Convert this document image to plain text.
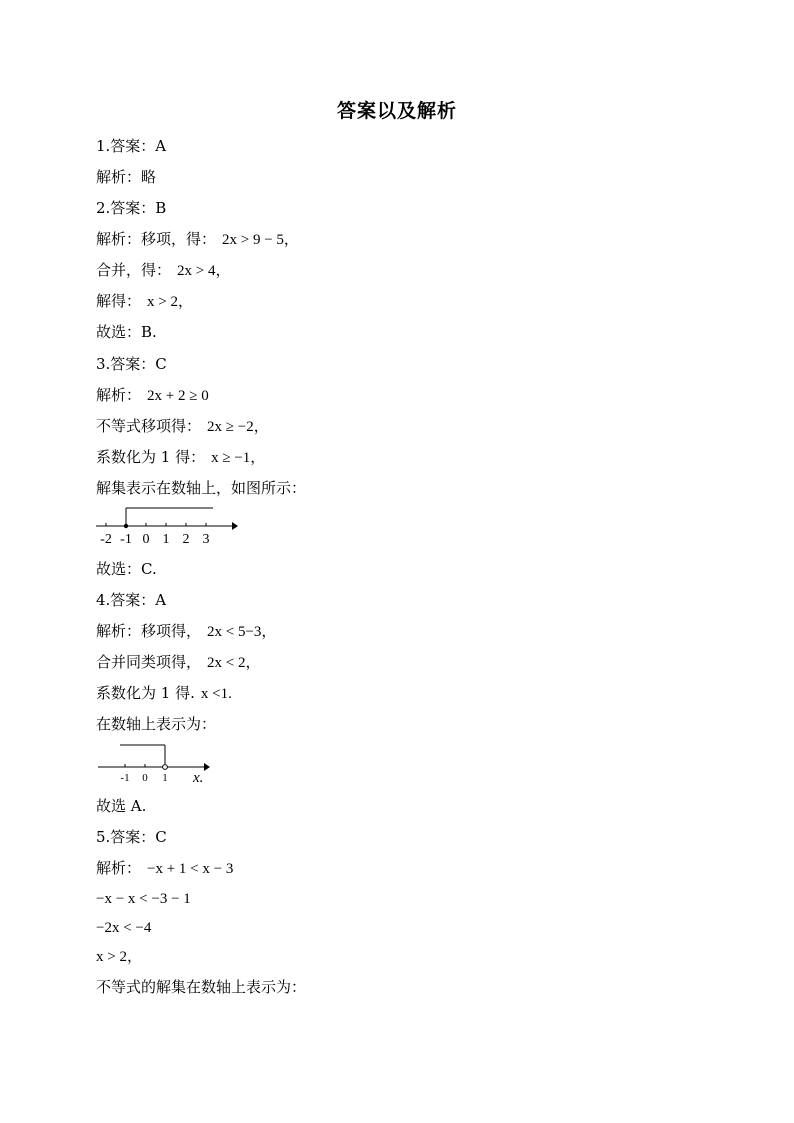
答案以及解析
1.答案：A
解析：略
2.答案：B
解析：移项，得： 2x > 9 − 5，
合并，得： 2x > 4，
解得： x > 2，
故选：B.
3.答案：C
解析： 2x + 2 ≥ 0
不等式移项得： 2x ≥ −2，
系数化为 1 得： x ≥ −1，
解集表示在数轴上，如图所示：
-2 -1 0 1 2 3
故选：C.
4.答案：A
解析：移项得， 2x < 5−3，
合并同类项得， 2x < 2，
系数化为 1 得. x <1.
在数轴上表示为：
-1 0 1 x.
故选 A.
5.答案：C
解析： −x + 1 < x − 3
−x − x < −3 − 1
−2x < −4
x > 2，
不等式的解集在数轴上表示为：
